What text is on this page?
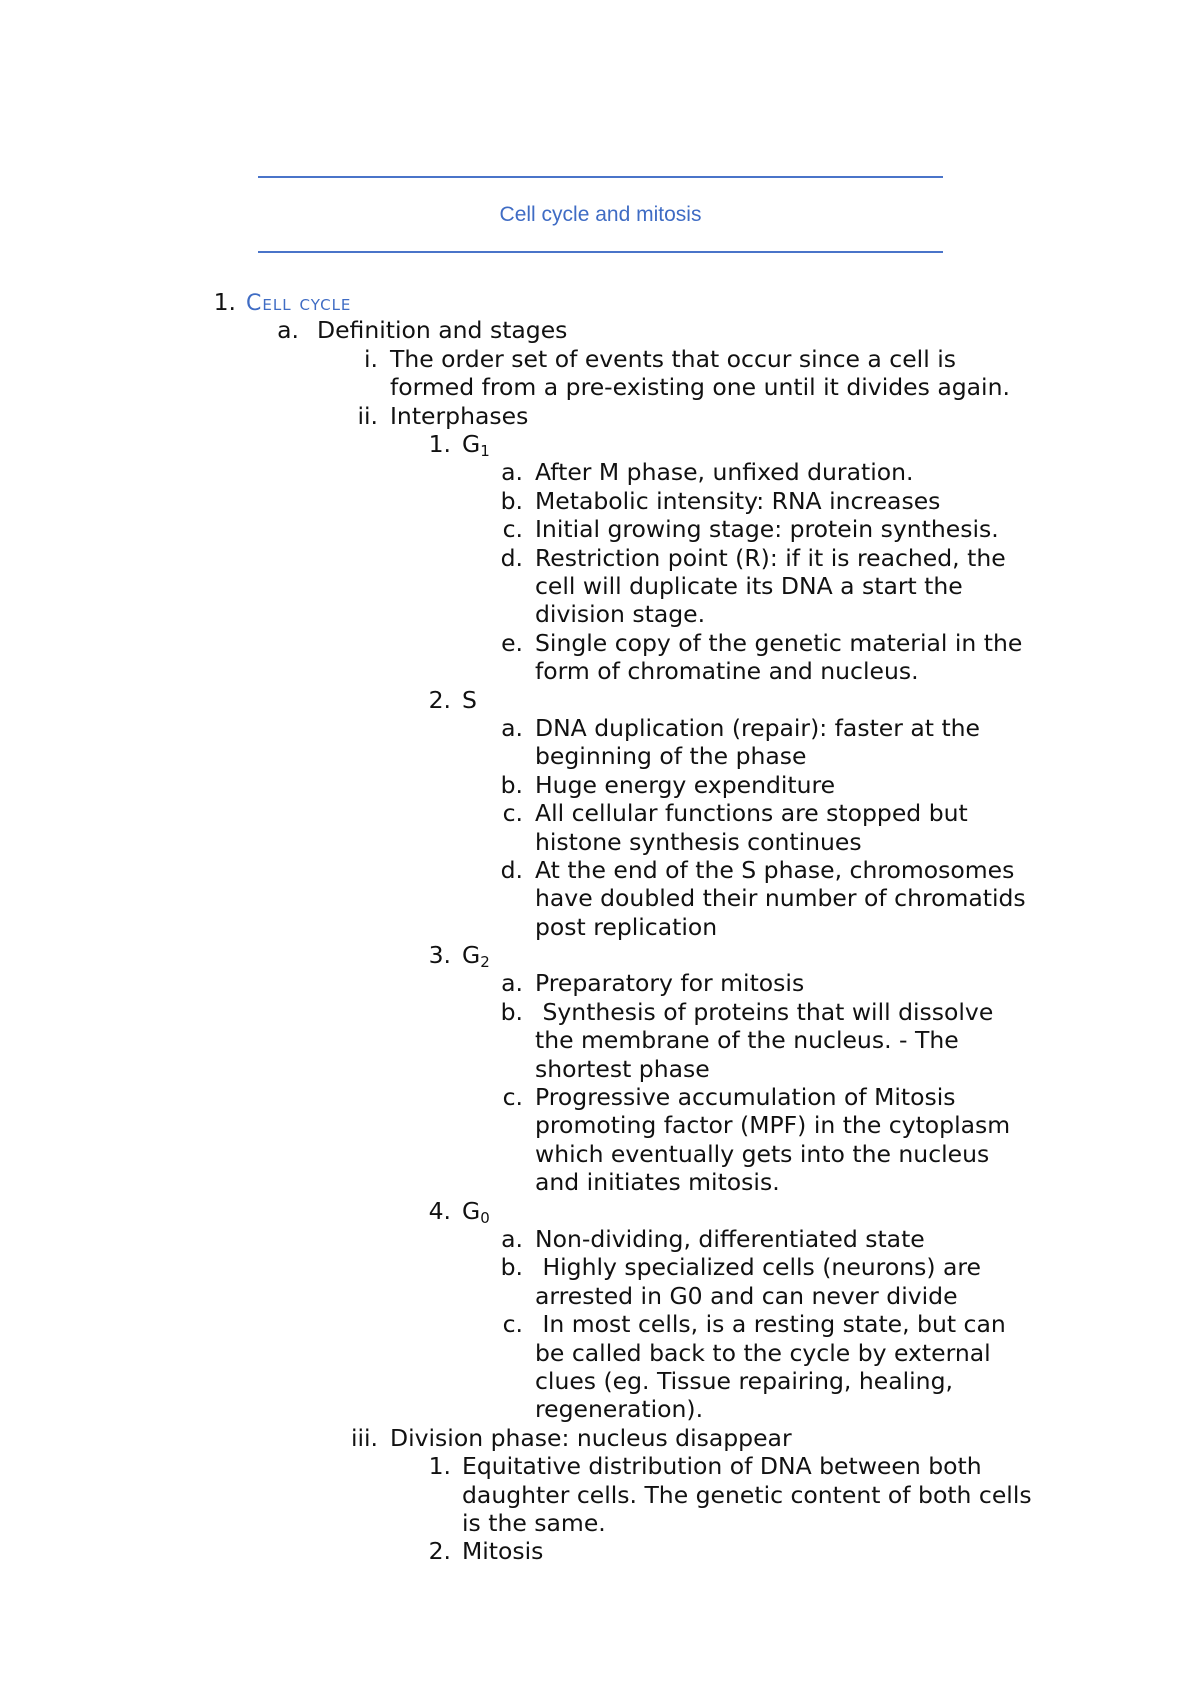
Cell cycle and mitosis
1. Cell cycle
a. Definition and stages
i. The order set of events that occur since a cell is formed from a pre-existing one until it divides again.
ii. Interphases
1. $G_1$
a. After M phase, unfixed duration.
b. Metabolic intensity: RNA increases
c. Initial growing stage: protein synthesis.
d. Restriction point (R): if it is reached, the cell will duplicate its DNA a start the division stage.
e. Single copy of the genetic material in the form of chromatine and nucleus.
2. S
a. DNA duplication (repair): faster at the beginning of the phase
b. Huge energy expenditure
c. All cellular functions are stopped but histone synthesis continues
d. At the end of the S phase, chromosomes have doubled their number of chromatids post replication
3. $G_2$
a. Preparatory for mitosis
b. Synthesis of proteins that will dissolve the membrane of the nucleus. - The shortest phase
c. Progressive accumulation of Mitosis promoting factor (MPF) in the cytoplasm which eventually gets into the nucleus and initiates mitosis.
4. $G_0$
a. Non-dividing, differentiated state
b. Highly specialized cells (neurons) are arrested in G0 and can never divide
c. In most cells, is a resting state, but can be called back to the cycle by external clues (eg. Tissue repairing, healing, regeneration).
iii. Division phase: nucleus disappear
1. Equitative distribution of DNA between both daughter cells. The genetic content of both cells is the same.
2. Mitosis
